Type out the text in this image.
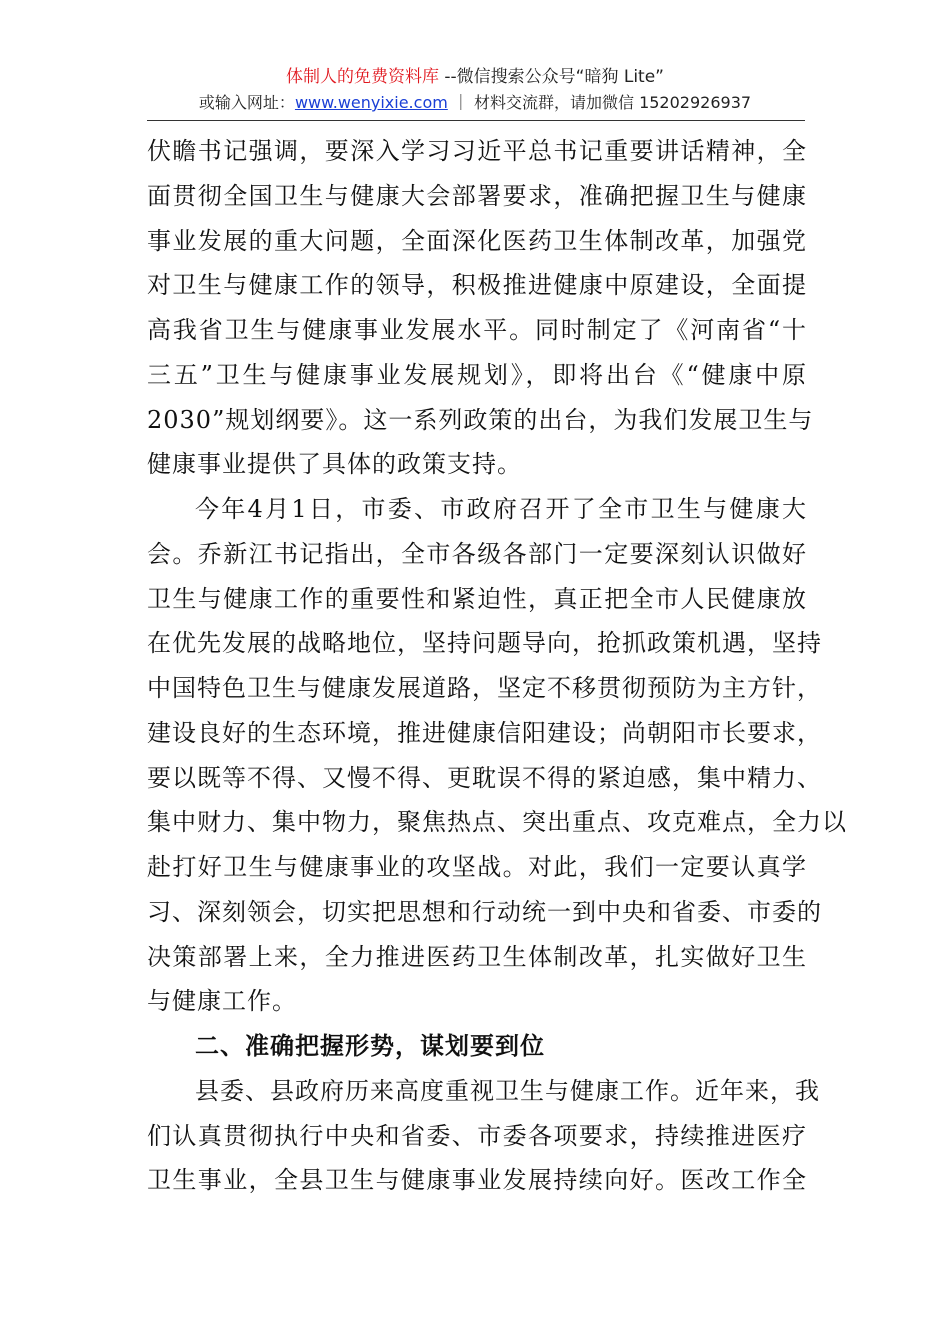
体制人的免费资料库 --微信搜索公众号“暗狗 Lite”
或输入网址：www.wenyixie.com ｜ 材料交流群，请加微信 15202926937
伏瞻书记强调，要深入学习习近平总书记重要讲话精神，全
面贯彻全国卫生与健康大会部署要求，准确把握卫生与健康
事业发展的重大问题，全面深化医药卫生体制改革，加强党
对卫生与健康工作的领导，积极推进健康中原建设，全面提
高我省卫生与健康事业发展水平。同时制定了《河南省“十
三五”卫生与健康事业发展规划》，即将出台《“健康中原
2030”规划纲要》。这一系列政策的出台，为我们发展卫生与
健康事业提供了具体的政策支持。
今年4月1日，市委、市政府召开了全市卫生与健康大
会。乔新江书记指出，全市各级各部门一定要深刻认识做好
卫生与健康工作的重要性和紧迫性，真正把全市人民健康放
在优先发展的战略地位，坚持问题导向，抢抓政策机遇，坚持
中国特色卫生与健康发展道路，坚定不移贯彻预防为主方针，
建设良好的生态环境，推进健康信阳建设；尚朝阳市长要求，
要以既等不得、又慢不得、更耽误不得的紧迫感，集中精力、
集中财力、集中物力，聚焦热点、突出重点、攻克难点，全力以
赴打好卫生与健康事业的攻坚战。对此，我们一定要认真学
习、深刻领会，切实把思想和行动统一到中央和省委、市委的
决策部署上来，全力推进医药卫生体制改革，扎实做好卫生
与健康工作。
二、准确把握形势，谋划要到位
县委、县政府历来高度重视卫生与健康工作。近年来，我
们认真贯彻执行中央和省委、市委各项要求，持续推进医疗
卫生事业，全县卫生与健康事业发展持续向好。医改工作全
